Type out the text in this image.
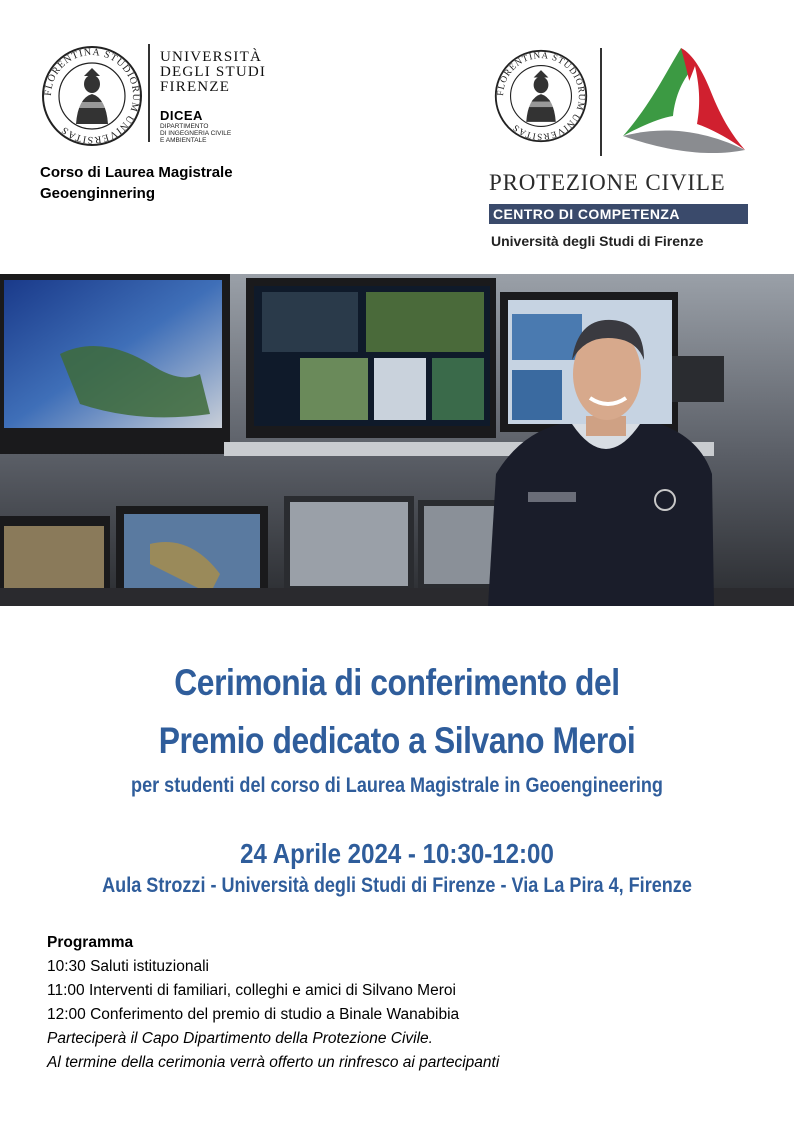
FLORENTINA STUDIORUM UNIVERSITAS
UNIVERSITÀ
DEGLI STUDI
FIRENZE
DICEA
DIPARTIMENTO
DI INGEGNERIA CIVILE
E AMBIENTALE
Corso di Laurea Magistrale
Geoenginnering
FLORENTINA STUDIORUM UNIVERSITAS
PROTEZIONE CIVILE
CENTRO DI COMPETENZA
Università degli Studi di Firenze
Cerimonia di conferimento del
Premio dedicato a Silvano Meroi
per studenti del corso di Laurea Magistrale in Geoengineering
24 Aprile 2024 - 10:30-12:00
Aula Strozzi - Università degli Studi di Firenze - Via La Pira 4, Firenze
Programma
10:30 Saluti istituzionali
11:00 Interventi di familiari, colleghi e amici di Silvano Meroi
12:00 Conferimento del premio di studio a Binale Wanabibia
Parteciperà il Capo Dipartimento della Protezione Civile.
Al termine della cerimonia verrà offerto un rinfresco ai partecipanti
